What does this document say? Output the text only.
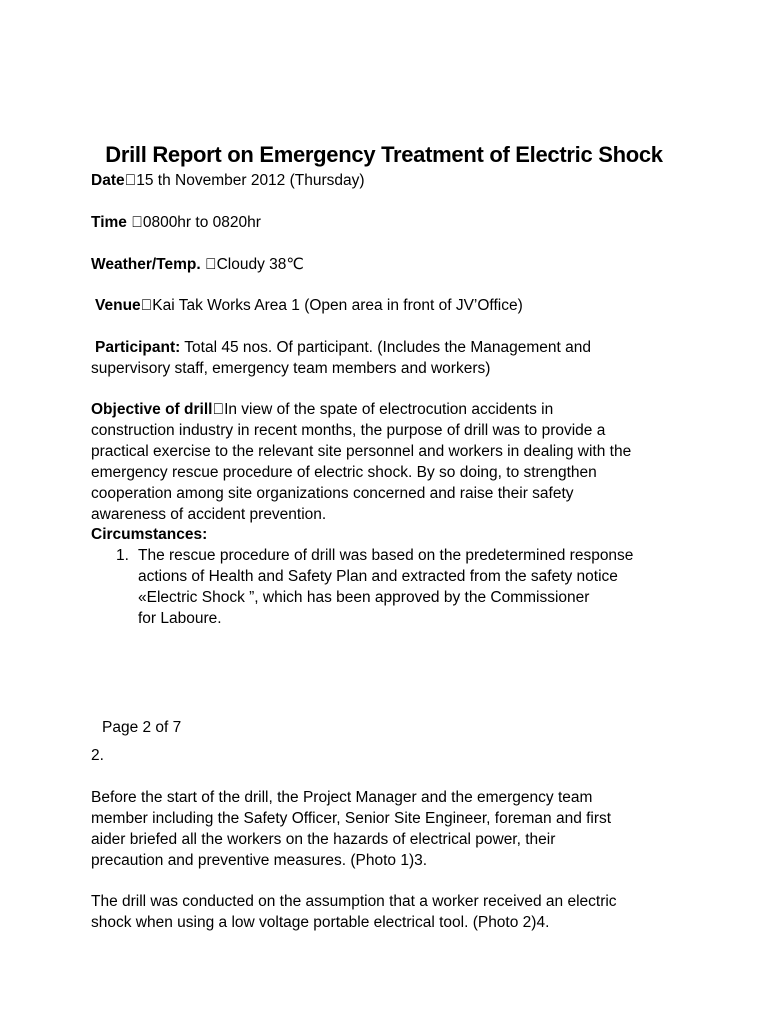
Drill Report on Emergency Treatment of Electric Shock
Date 15 th November 2012 (Thursday)
Time 0800hr to 0820hr
Weather/Temp. Cloudy 38℃
Venue Kai Tak Works Area 1 (Open area in front of JV’Office)
Participant: Total 45 nos. Of participant. (Includes the Management and
supervisory staff, emergency team members and workers)
Objective of drill In view of the spate of electrocution accidents in
construction industry in recent months, the purpose of drill was to provide a
practical exercise to the relevant site personnel and workers in dealing with the
emergency rescue procedure of electric shock. By so doing, to strengthen
cooperation among site organizations concerned and raise their safety
awareness of accident prevention.
Circumstances:
1. The rescue procedure of drill was based on the predetermined response
actions of Health and Safety Plan and extracted from the safety notice
«Electric Shock ”, which has been approved by the Commissioner
for Laboure.
Page 2 of 7
2.
Before the start of the drill, the Project Manager and the emergency team
member including the Safety Officer, Senior Site Engineer, foreman and first
aider briefed all the workers on the hazards of electrical power, their
precaution and preventive measures. (Photo 1)3.
The drill was conducted on the assumption that a worker received an electric
shock when using a low voltage portable electrical tool. (Photo 2)4.
